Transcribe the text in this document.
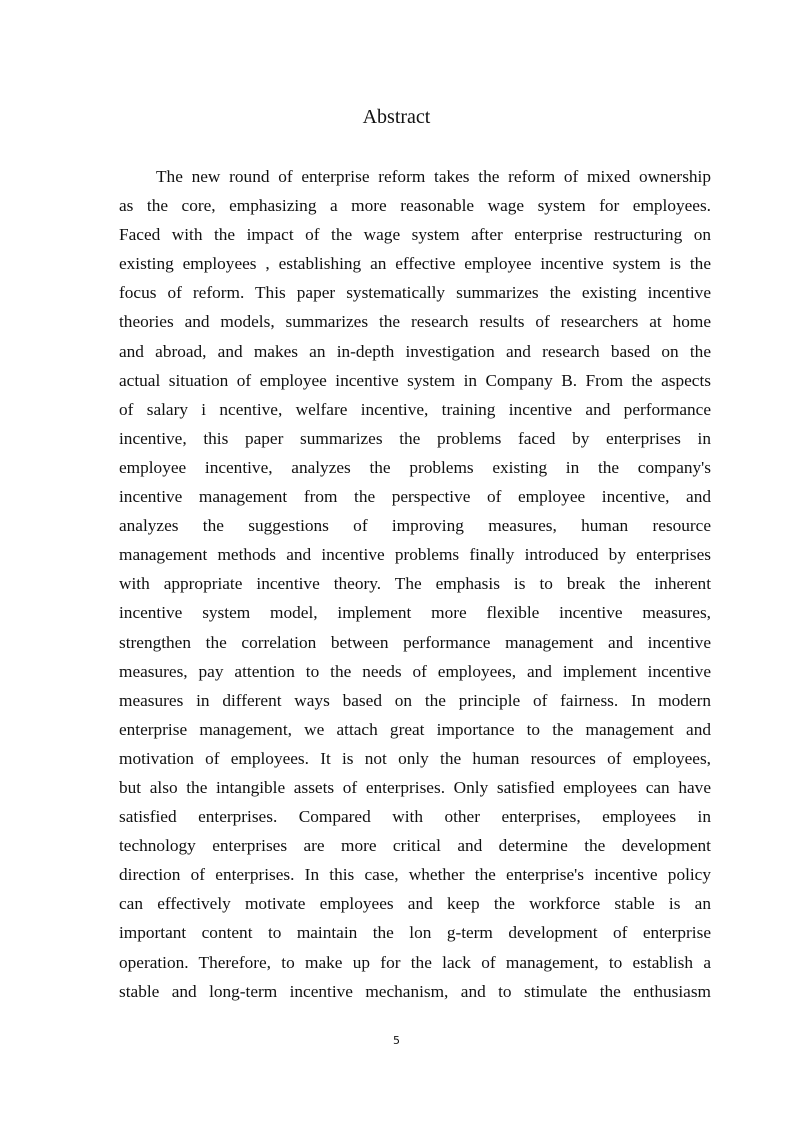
Abstract
The new round of enterprise reform takes the reform of mixed ownership
as the core, emphasizing a more reasonable wage system for employees.
Faced with the impact of the wage system after enterprise restructuring on
existing employees , establishing an effective employee incentive system is the
focus of reform. This paper systematically summarizes the existing incentive
theories and models, summarizes the research results of researchers at home
and abroad, and makes an in-depth investigation and research based on the
actual situation of employee incentive system in Company B. From the aspects
of salary i ncentive, welfare incentive, training incentive and performance
incentive, this paper summarizes the problems faced by enterprises in
employee incentive, analyzes the problems existing in the company's
incentive management from the perspective of employee incentive, and
analyzes the suggestions of improving measures, human resource
management methods and incentive problems finally introduced by enterprises
with appropriate incentive theory. The emphasis is to break the inherent
incentive system model, implement more flexible incentive measures,
strengthen the correlation between performance management and incentive
measures, pay attention to the needs of employees, and implement incentive
measures in different ways based on the principle of fairness. In modern
enterprise management, we attach great importance to the management and
motivation of employees. It is not only the human resources of employees,
but also the intangible assets of enterprises. Only satisfied employees can have
satisfied enterprises. Compared with other enterprises, employees in
technology enterprises are more critical and determine the development
direction of enterprises. In this case, whether the enterprise's incentive policy
can effectively motivate employees and keep the workforce stable is an
important content to maintain the lon g-term development of enterprise
operation. Therefore, to make up for the lack of management, to establish a
stable and long-term incentive mechanism, and to stimulate the enthusiasm
5
